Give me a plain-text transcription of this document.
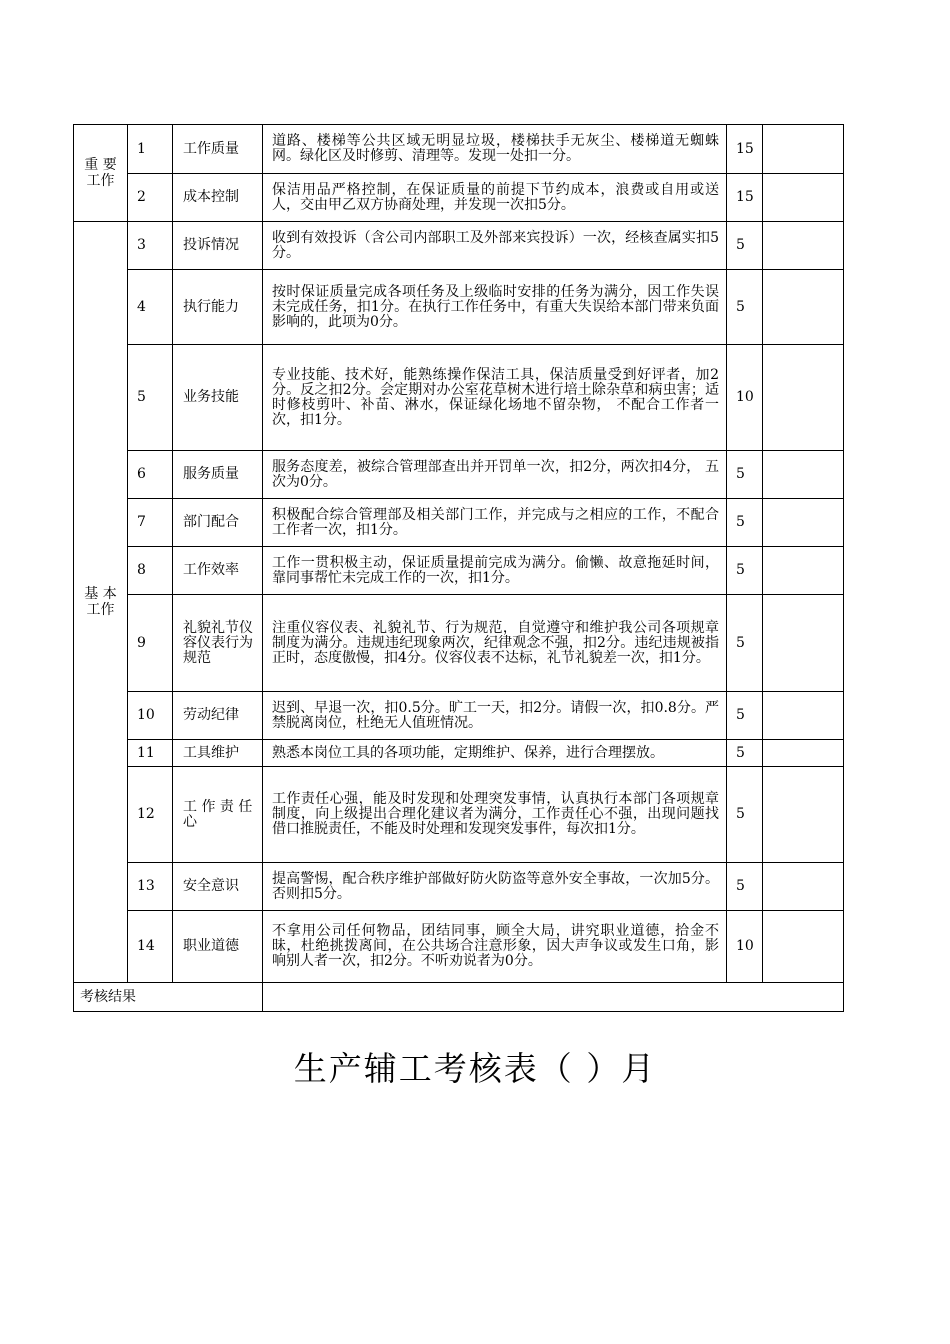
重 要 工作	1	工作质量	道路、楼梯等公共区域无明显垃圾，楼梯扶手无灰尘、楼梯道无蜘蛛网。绿化区及时修剪、清理等。发现一处扣一分。	15	
	2	成本控制	保洁用品严格控制，在保证质量的前提下节约成本，浪费或自用或送人，交由甲乙双方协商处理，并发现一次扣5分。	15	
基 本 工作	3	投诉情况	收到有效投诉（含公司内部职工及外部来宾投诉）一次，经核查属实扣5分。	5	
	4	执行能力	按时保证质量完成各项任务及上级临时安排的任务为满分，因工作失误未完成任务，扣1分。在执行工作任务中，有重大失误给本部门带来负面影响的，此项为0分。	5	
	5	业务技能	专业技能、技术好，能熟练操作保洁工具，保洁质量受到好评者，加2分。反之扣2分。会定期对办公室花草树木进行培土除杂草和病虫害；适时修枝剪叶、补苗、淋水，保证绿化场地不留杂物， 不配合工作者一次，扣1分。	10	
	6	服务质量	服务态度差，被综合管理部查出并开罚单一次，扣2分，两次扣4分， 五次为0分。	5	
	7	部门配合	积极配合综合管理部及相关部门工作，并完成与之相应的工作，不配合工作者一次，扣1分。	5	
	8	工作效率	工作一贯积极主动，保证质量提前完成为满分。偷懒、故意拖延时间，靠同事帮忙未完成工作的一次，扣1分。	5	
	9	礼貌礼节仪容仪表行为规范	注重仪容仪表、礼貌礼节、行为规范，自觉遵守和维护我公司各项规章制度为满分。违规违纪现象两次，纪律观念不强，扣2分。违纪违规被指正时，态度傲慢，扣4分。仪容仪表不达标，礼节礼貌差一次，扣1分。	5	
	10	劳动纪律	迟到、早退一次，扣0.5分。旷工一天，扣2分。请假一次，扣0.8分。严禁脱离岗位，杜绝无人值班情况。	5	
	11	工具维护	熟悉本岗位工具的各项功能，定期维护、保养，进行合理摆放。	5	
	12	工 作 责 任心	工作责任心强，能及时发现和处理突发事情，认真执行本部门各项规章制度，向上级提出合理化建议者为满分，工作责任心不强，出现问题找借口推脱责任，不能及时处理和发现突发事件，每次扣1分。	5	
	13	安全意识	提高警惕，配合秩序维护部做好防火防盗等意外安全事故，一次加5分。否则扣5分。	5	
	14	职业道德	不拿用公司任何物品，团结同事，顾全大局，讲究职业道德，拾金不昧，杜绝挑拨离间，在公共场合注意形象，因大声争议或发生口角，影响别人者一次，扣2分。不听劝说者为0分。	10	
考核结果					
生产辅工考核表（ ）月
